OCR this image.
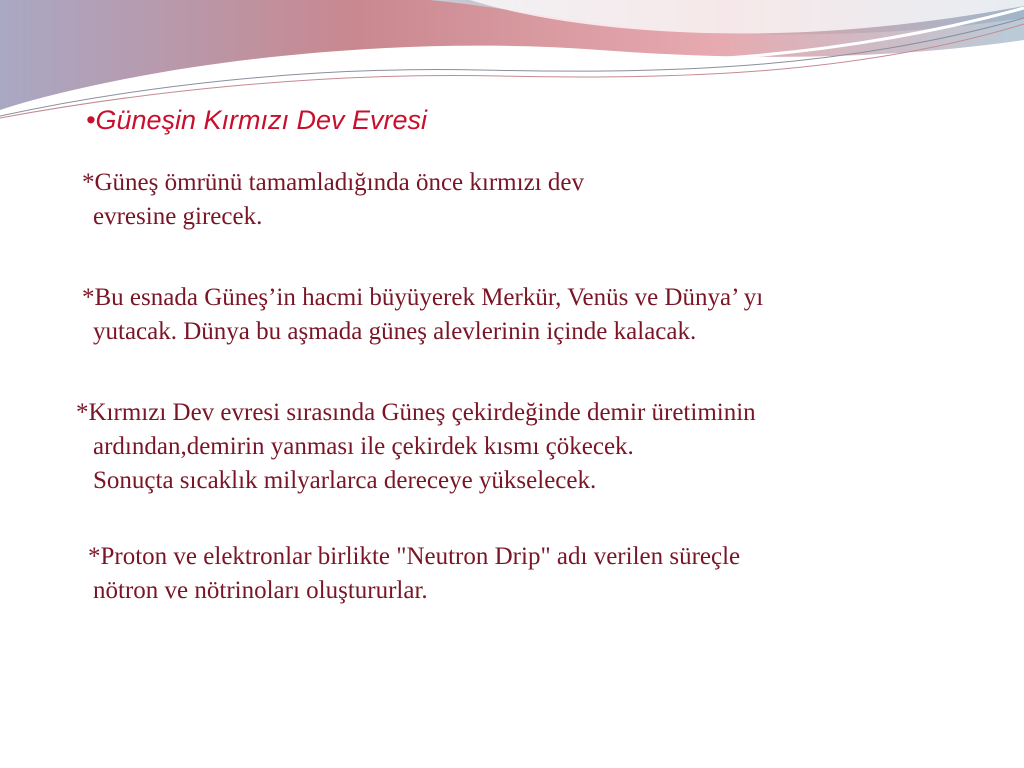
•Güneşin Kırmızı Dev Evresi

*Güneş ömrünü tamamladığında önce kırmızı dev
evresine girecek.

*Bu esnada Güneş’in hacmi büyüyerek Merkür, Venüs ve Dünya’ yı
yutacak. Dünya bu aşmada güneş alevlerinin içinde kalacak.

*Kırmızı Dev evresi sırasında Güneş çekirdeğinde demir üretiminin
ardından,demirin yanması ile çekirdek kısmı çökecek.
Sonuçta sıcaklık milyarlarca dereceye yükselecek.

*Proton ve elektronlar birlikte "Neutron Drip" adı verilen süreçle
nötron ve nötrinoları oluştururlar.
